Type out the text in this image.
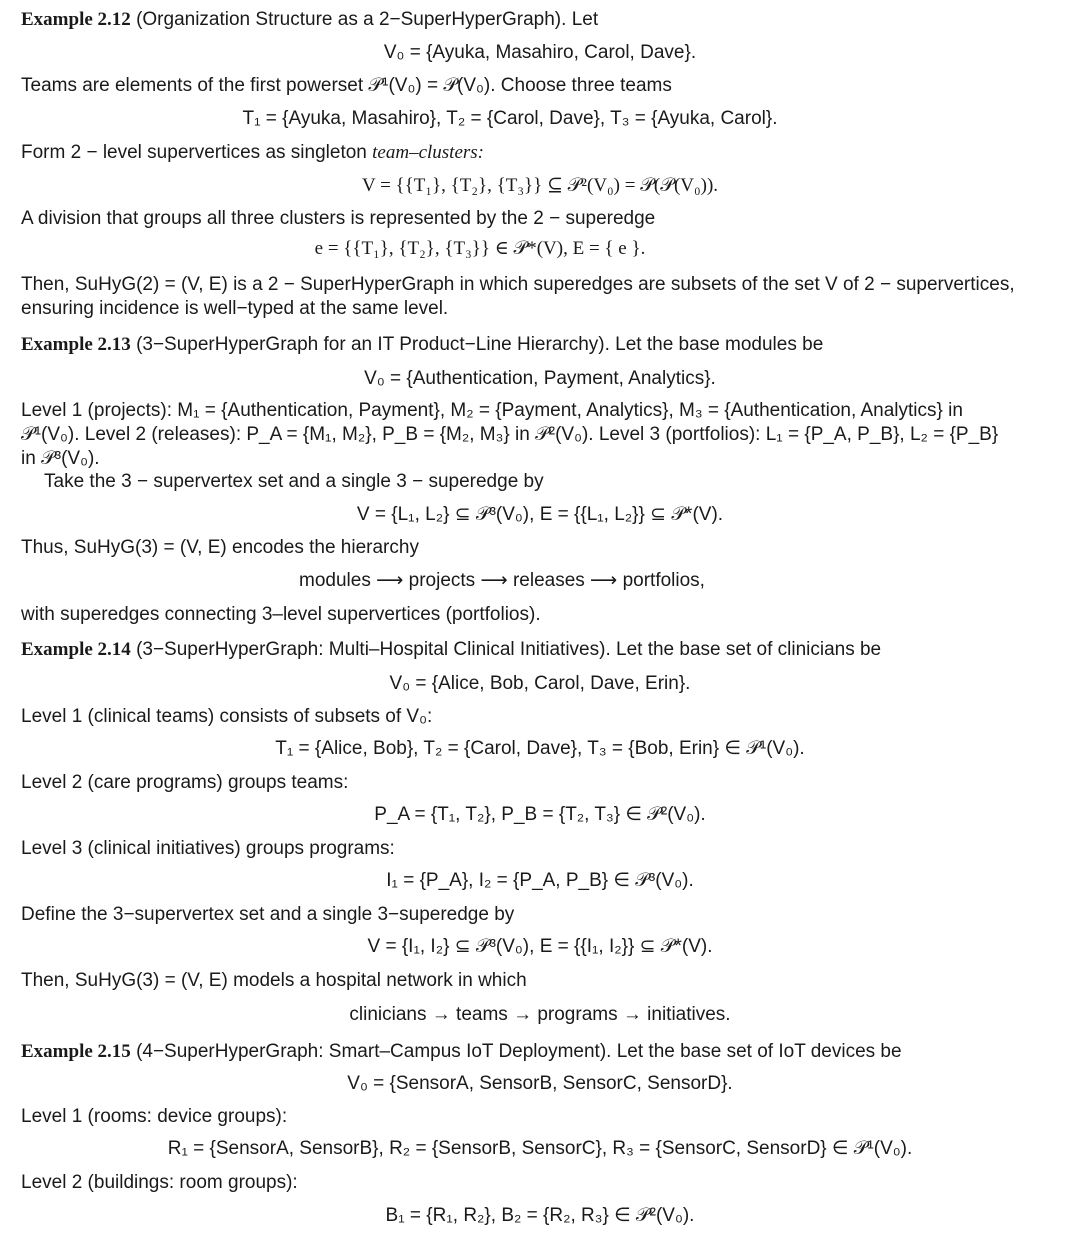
Example 2.12 (Organization Structure as a 2−SuperHyperGraph). Let
V₀ = {Ayuka, Masahiro, Carol, Dave}.
Teams are elements of the first powerset 𝒫¹(V₀) = 𝒫(V₀). Choose three teams
T₁ = {Ayuka, Masahiro}, T₂ = {Carol, Dave}, T₃ = {Ayuka, Carol}.
Form 2 − level supervertices as singleton team–clusters:
V = {{T₁}, {T₂}, {T₃}} ⊆ 𝒫²(V₀) = 𝒫(𝒫(V₀)).
A division that groups all three clusters is represented by the 2 − superedge
e = {{T₁}, {T₂}, {T₃}} ∈ 𝒫*(V), E = { e }.
Then, SuHyG(2) = (V, E) is a 2 − SuperHyperGraph in which superedges are subsets of the set V of 2 − supervertices,
ensuring incidence is well−typed at the same level.
Example 2.13 (3−SuperHyperGraph for an IT Product−Line Hierarchy). Let the base modules be
V₀ = {Authentication, Payment, Analytics}.
Level 1 (projects): M₁ = {Authentication, Payment}, M₂ = {Payment, Analytics}, M₃ = {Authentication, Analytics} in
𝒫¹(V₀). Level 2 (releases): P_A = {M₁, M₂}, P_B = {M₂, M₃} in 𝒫²(V₀). Level 3 (portfolios): L₁ = {P_A, P_B}, L₂ = {P_B}
in 𝒫³(V₀).
Take the 3 − supervertex set and a single 3 − superedge by
V = {L₁, L₂} ⊆ 𝒫³(V₀), E = {{L₁, L₂}} ⊆ 𝒫*(V).
Thus, SuHyG(3) = (V, E) encodes the hierarchy
modules ⟶ projects ⟶ releases ⟶ portfolios,
with superedges connecting 3–level supervertices (portfolios).
Example 2.14 (3−SuperHyperGraph: Multi–Hospital Clinical Initiatives). Let the base set of clinicians be
V₀ = {Alice, Bob, Carol, Dave, Erin}.
Level 1 (clinical teams) consists of subsets of V₀:
T₁ = {Alice, Bob}, T₂ = {Carol, Dave}, T₃ = {Bob, Erin} ∈ 𝒫¹(V₀).
Level 2 (care programs) groups teams:
P_A = {T₁, T₂}, P_B = {T₂, T₃} ∈ 𝒫²(V₀).
Level 3 (clinical initiatives) groups programs:
I₁ = {P_A}, I₂ = {P_A, P_B} ∈ 𝒫³(V₀).
Define the 3−supervertex set and a single 3−superedge by
V = {I₁, I₂} ⊆ 𝒫³(V₀), E = {{I₁, I₂}} ⊆ 𝒫*(V).
Then, SuHyG(3) = (V, E) models a hospital network in which
clinicians → teams → programs → initiatives.
Example 2.15 (4−SuperHyperGraph: Smart–Campus IoT Deployment). Let the base set of IoT devices be
V₀ = {SensorA, SensorB, SensorC, SensorD}.
Level 1 (rooms: device groups):
R₁ = {SensorA, SensorB}, R₂ = {SensorB, SensorC}, R₃ = {SensorC, SensorD} ∈ 𝒫¹(V₀).
Level 2 (buildings: room groups):
B₁ = {R₁, R₂}, B₂ = {R₂, R₃} ∈ 𝒫²(V₀).
